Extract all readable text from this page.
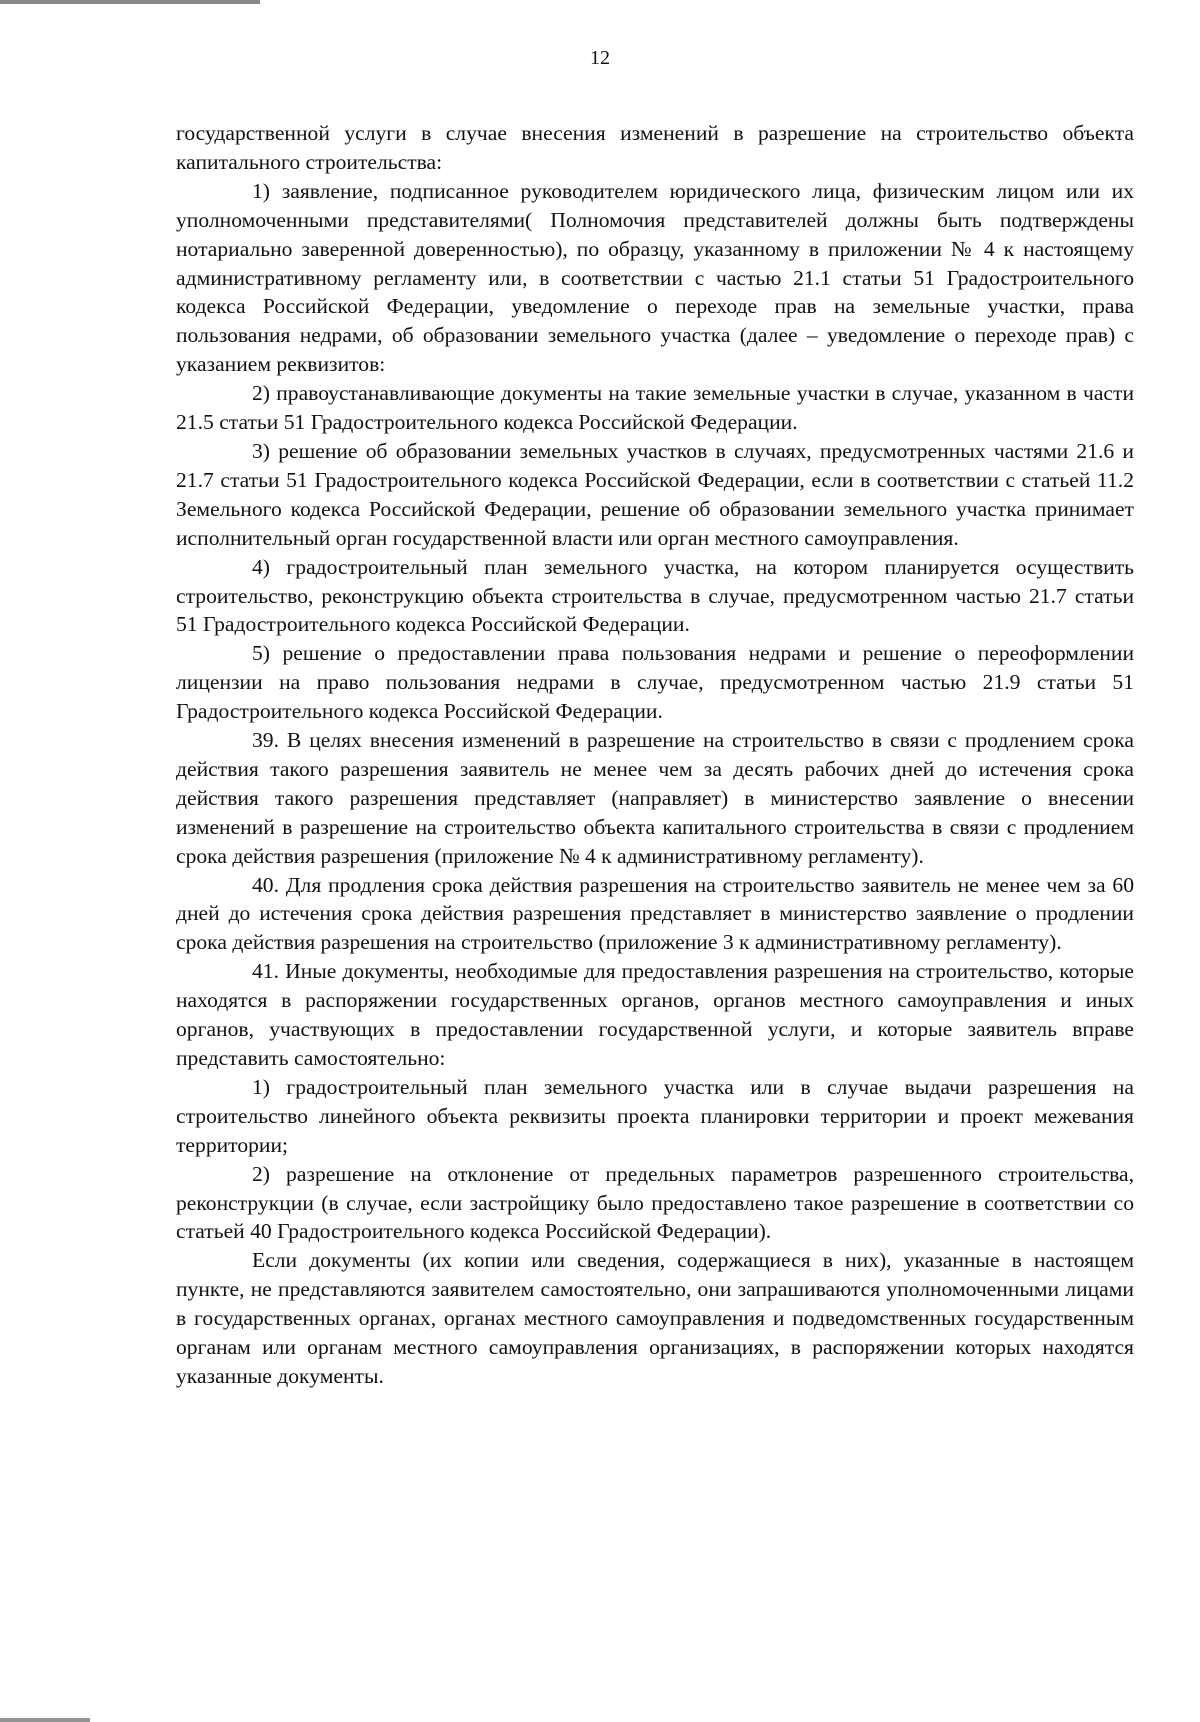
12

государственной услуги в случае внесения изменений в разрешение на строительство объекта капитального строительства:

1) заявление, подписанное руководителем юридического лица, физическим лицом или их уполномоченными представителями( Полномочия представителей должны быть подтверждены нотариально заверенной доверенностью), по образцу, указанному в приложении № 4 к настоящему административному регламенту или, в соответствии с частью 21.1 статьи 51 Градостроительного кодекса Российской Федерации, уведомление о переходе прав на земельные участки, права пользования недрами, об образовании земельного участка (далее – уведомление о переходе прав) с указанием реквизитов:

2) правоустанавливающие документы на такие земельные участки в случае, указанном в части 21.5 статьи 51 Градостроительного кодекса Российской Федерации.

3) решение об образовании земельных участков в случаях, предусмотренных частями 21.6 и 21.7 статьи 51 Градостроительного кодекса Российской Федерации, если в соответствии с статьей 11.2 Земельного кодекса Российской Федерации, решение об образовании земельного участка принимает исполнительный орган государственной власти или орган местного самоуправления.

4) градостроительный план земельного участка, на котором планируется осуществить строительство, реконструкцию объекта строительства в случае, предусмотренном частью 21.7 статьи 51 Градостроительного кодекса Российской Федерации.

5) решение о предоставлении права пользования недрами и решение о переоформлении лицензии на право пользования недрами в случае, предусмотренном частью 21.9 статьи 51 Градостроительного кодекса Российской Федерации.

39. В целях внесения изменений в разрешение на строительство в связи с продлением срока действия такого разрешения заявитель не менее чем за десять рабочих дней до истечения срока действия такого разрешения представляет (направляет) в министерство заявление о внесении изменений в разрешение на строительство объекта капитального строительства в связи с продлением срока действия разрешения (приложение № 4 к административному регламенту).

40. Для продления срока действия разрешения на строительство заявитель не менее чем за 60 дней до истечения срока действия разрешения представляет в министерство заявление о продлении срока действия разрешения на строительство (приложение 3 к административному регламенту).

41. Иные документы, необходимые для предоставления разрешения на строительство, которые находятся в распоряжении государственных органов, органов местного самоуправления и иных органов, участвующих в предоставлении государственной услуги, и которые заявитель вправе представить самостоятельно:

1) градостроительный план земельного участка или в случае выдачи разрешения на строительство линейного объекта реквизиты проекта планировки территории и проект межевания территории;

2) разрешение на отклонение от предельных параметров разрешенного строительства, реконструкции (в случае, если застройщику было предоставлено такое разрешение в соответствии со статьей 40 Градостроительного кодекса Российской Федерации).

Если документы (их копии или сведения, содержащиеся в них), указанные в настоящем пункте, не представляются заявителем самостоятельно, они запрашиваются уполномоченными лицами в государственных органах, органах местного самоуправления и подведомственных государственным органам или органам местного самоуправления организациях, в распоряжении которых находятся указанные документы.
